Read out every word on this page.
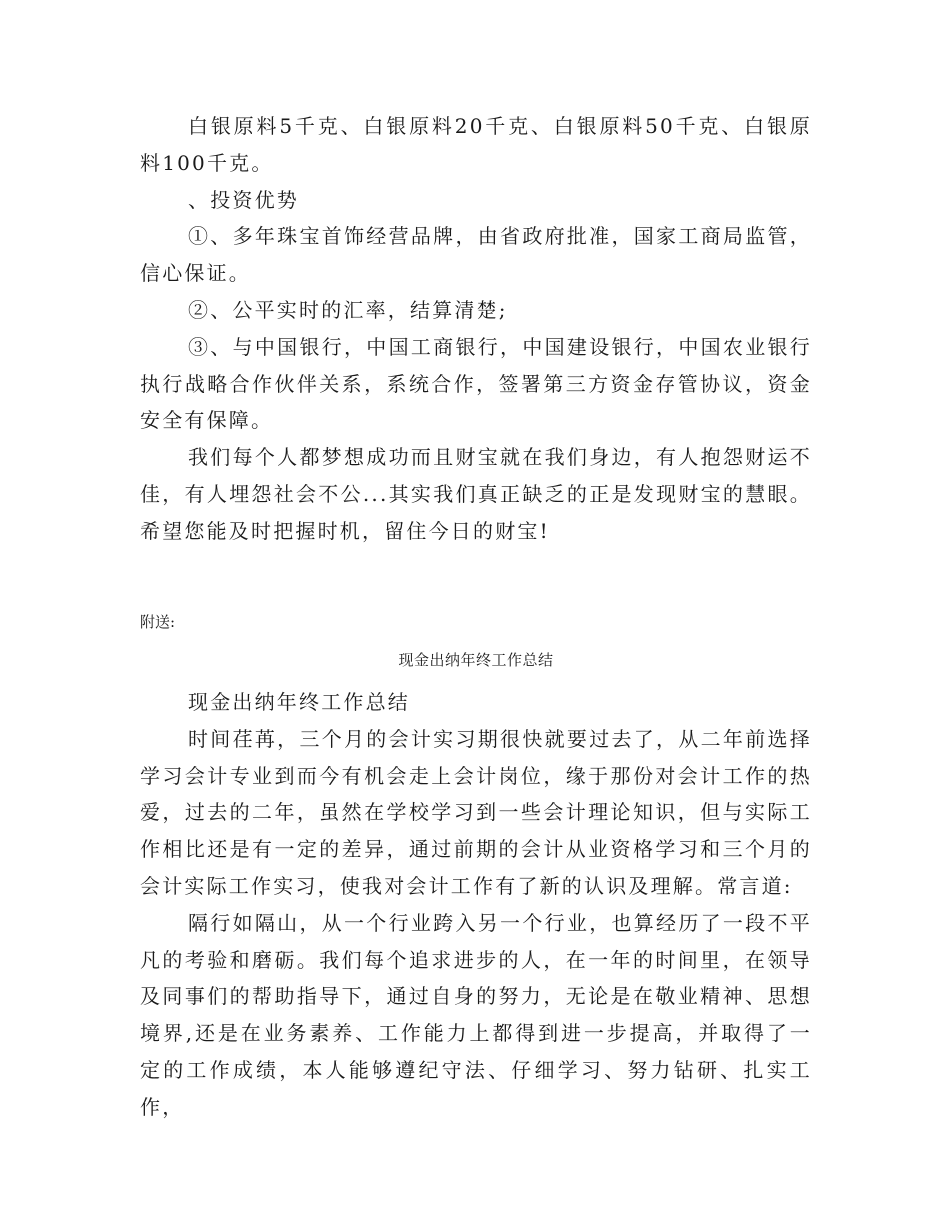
白银原料5千克、白银原料20千克、白银原料50千克、白银原料100千克。

、投资优势

①、多年珠宝首饰经营品牌，由省政府批准，国家工商局监管，信心保证。

②、公平实时的汇率，结算清楚;

③、与中国银行，中国工商银行，中国建设银行，中国农业银行执行战略合作伙伴关系，系统合作，签署第三方资金存管协议，资金安全有保障。

我们每个人都梦想成功而且财宝就在我们身边，有人抱怨财运不佳，有人埋怨社会不公...其实我们真正缺乏的正是发现财宝的慧眼。希望您能及时把握时机，留住今日的财宝!

附送:

现金出纳年终工作总结

现金出纳年终工作总结

时间荏苒，三个月的会计实习期很快就要过去了，从二年前选择学习会计专业到而今有机会走上会计岗位，缘于那份对会计工作的热爱，过去的二年，虽然在学校学习到一些会计理论知识，但与实际工作相比还是有一定的差异，通过前期的会计从业资格学习和三个月的会计实际工作实习，使我对会计工作有了新的认识及理解。常言道:

隔行如隔山，从一个行业跨入另一个行业，也算经历了一段不平凡的考验和磨砺。我们每个追求进步的人，在一年的时间里，在领导及同事们的帮助指导下，通过自身的努力，无论是在敬业精神、思想境界,还是在业务素养、工作能力上都得到进一步提高，并取得了一定的工作成绩，本人能够遵纪守法、仔细学习、努力钻研、扎实工作，
